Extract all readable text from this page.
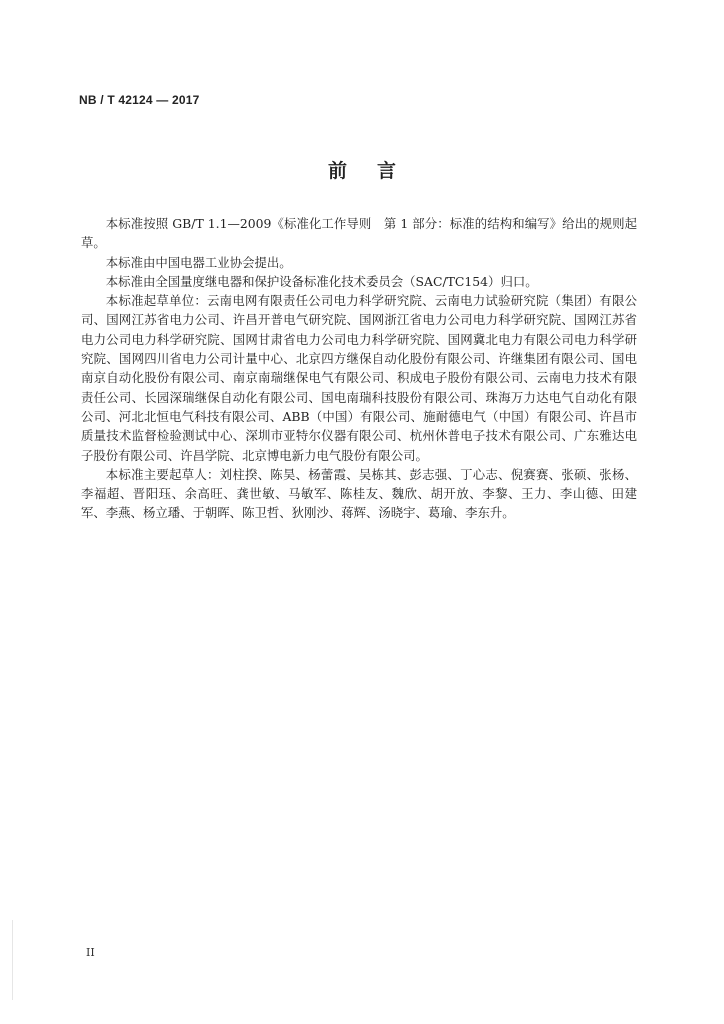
NB / T 42124 — 2017
前言

本标准按照 GB/T 1.1—2009《标准化工作导则　第 1 部分：标准的结构和编写》给出的规则起草。

本标准由中国电器工业协会提出。

本标准由全国量度继电器和保护设备标准化技术委员会（SAC/TC154）归口。

本标准起草单位：云南电网有限责任公司电力科学研究院、云南电力试验研究院（集团）有限公司、国网江苏省电力公司、许昌开普电气研究院、国网浙江省电力公司电力科学研究院、国网江苏省电力公司电力科学研究院、国网甘肃省电力公司电力科学研究院、国网冀北电力有限公司电力科学研究院、国网四川省电力公司计量中心、北京四方继保自动化股份有限公司、许继集团有限公司、国电南京自动化股份有限公司、南京南瑞继保电气有限公司、积成电子股份有限公司、云南电力技术有限责任公司、长园深瑞继保自动化有限公司、国电南瑞科技股份有限公司、珠海万力达电气自动化有限公司、河北北恒电气科技有限公司、ABB（中国）有限公司、施耐德电气（中国）有限公司、许昌市质量技术监督检验测试中心、深圳市亚特尔仪器有限公司、杭州休普电子技术有限公司、广东雅达电子股份有限公司、许昌学院、北京博电新力电气股份有限公司。

本标准主要起草人：刘柱揆、陈昊、杨蕾霞、吴栋其、彭志强、丁心志、倪赛赛、张硕、张杨、李福超、晋阳珏、余高旺、龚世敏、马敏军、陈桂友、魏欣、胡开放、李黎、王力、李山德、田建军、李燕、杨立璠、于朝晖、陈卫哲、狄刚沙、蒋辉、汤晓宇、葛瑜、李东升。

II
